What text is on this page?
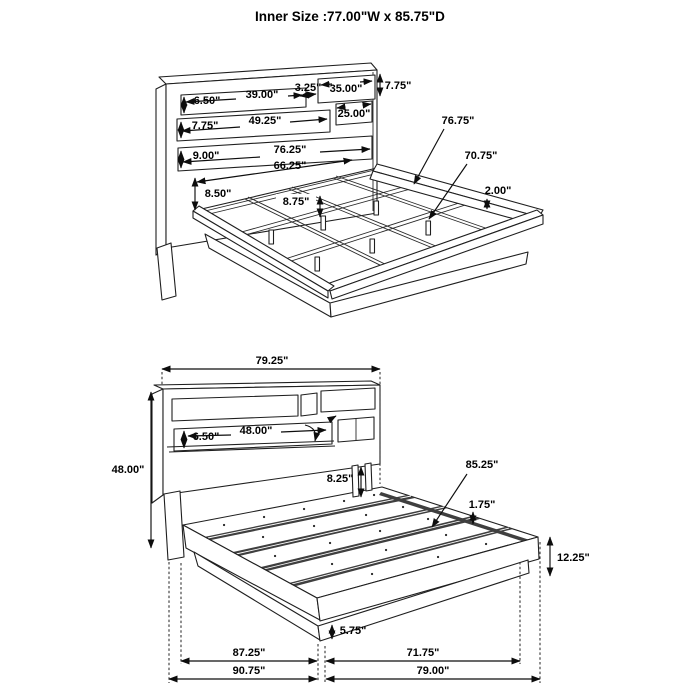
Inner Size :77.00"W x 85.75"D
6.50" 39.00"
3.25" 35.00" 7.75"
7.75"	49.25"
25.00"
9.00"	76.25"
66.25"
8.50"
8.75"
76.75"
70.75"
2.00"
79.25"
48.00"
6.50" 48.00"
8.25"
85.25"
1.75"
12.25"
5.75"
87.25"	71.75"
90.75"	79.00"
